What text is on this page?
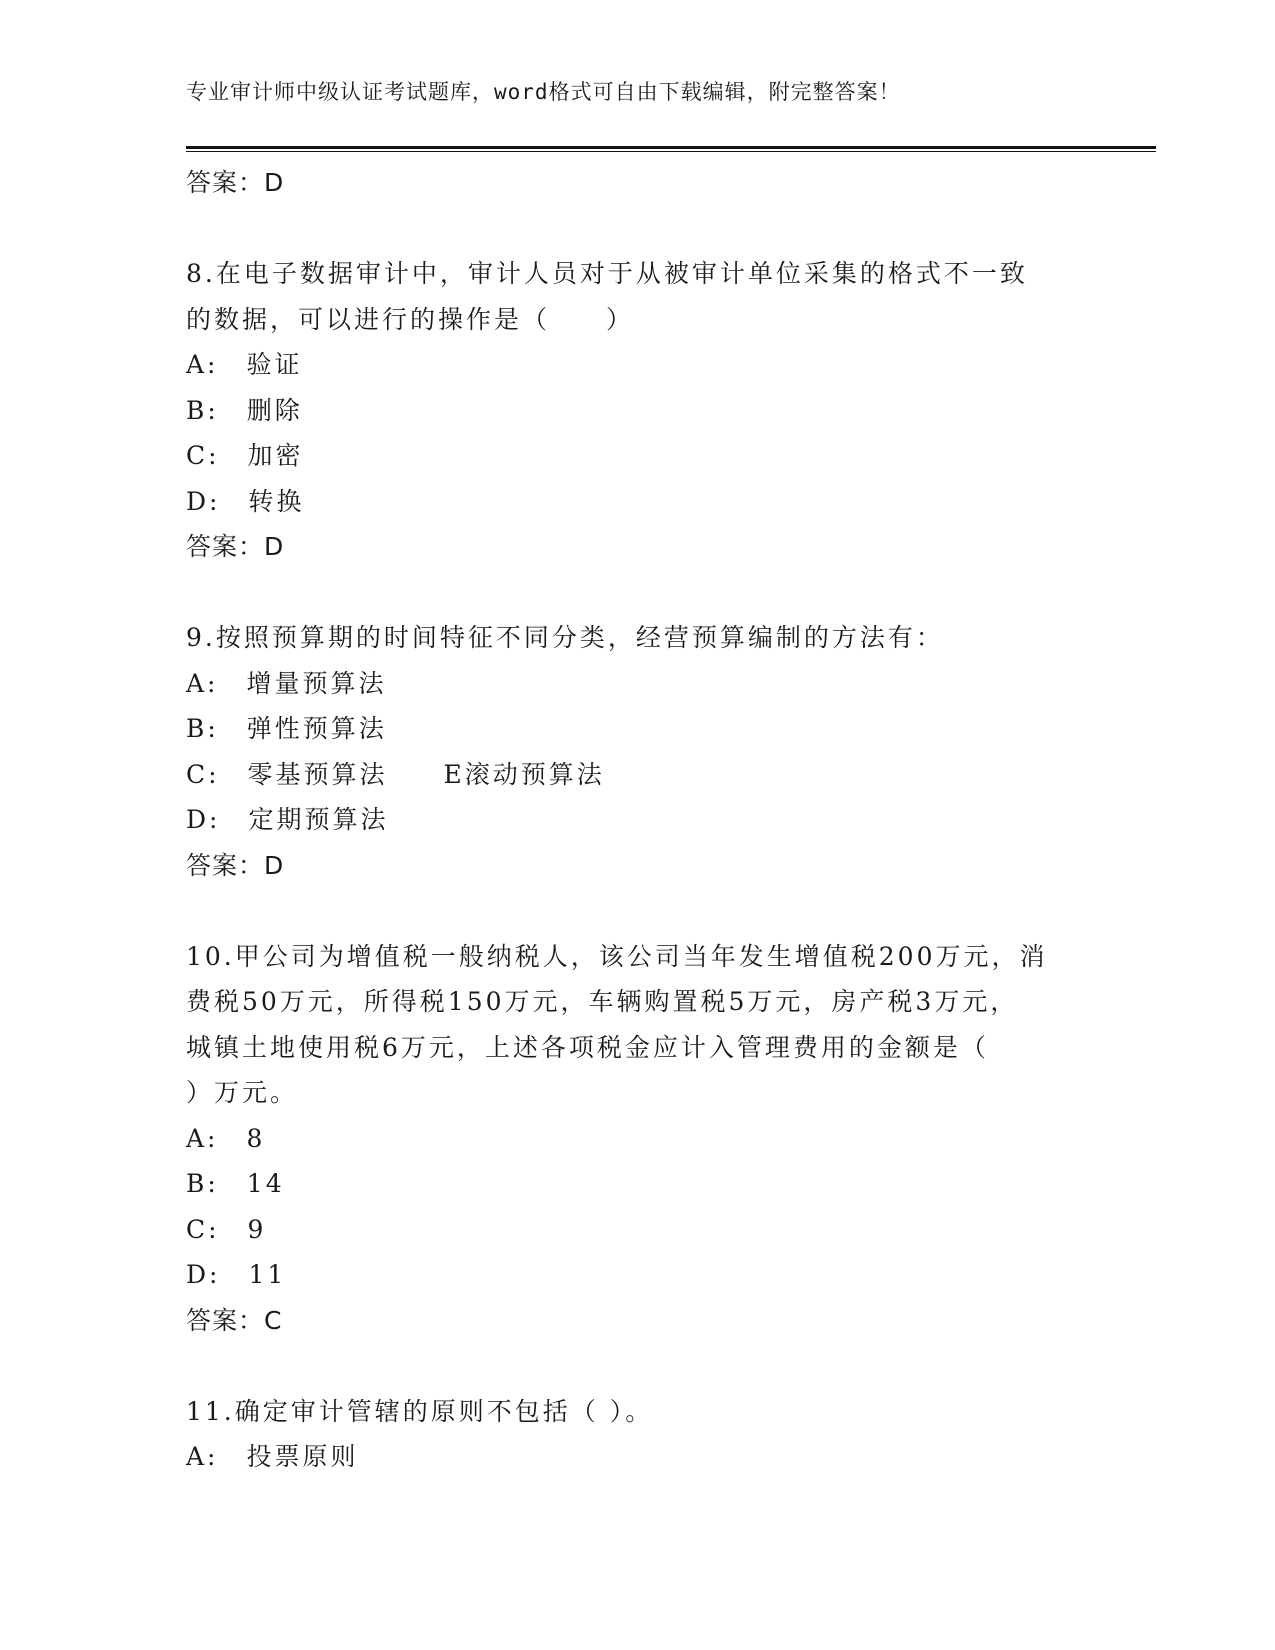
专业审计师中级认证考试题库，word格式可自由下载编辑，附完整答案！

答案：D

8.在电子数据审计中，审计人员对于从被审计单位采集的格式不一致

的数据，可以进行的操作是（　　）

A:　验证

B:　删除

C:　加密

D:　转换

答案：D

9.按照预算期的时间特征不同分类，经营预算编制的方法有：

A:　增量预算法

B:　弹性预算法

C:　零基预算法　　E滚动预算法

D:　定期预算法

答案：D

10.甲公司为增值税一般纳税人，该公司当年发生增值税200万元，消

费税50万元，所得税150万元，车辆购置税5万元，房产税3万元，

城镇土地使用税6万元，上述各项税金应计入管理费用的金额是（

）万元。

A:　8

B:　14

C:　9

D:　11

答案：C

11.确定审计管辖的原则不包括（ ）。

A:　投票原则
